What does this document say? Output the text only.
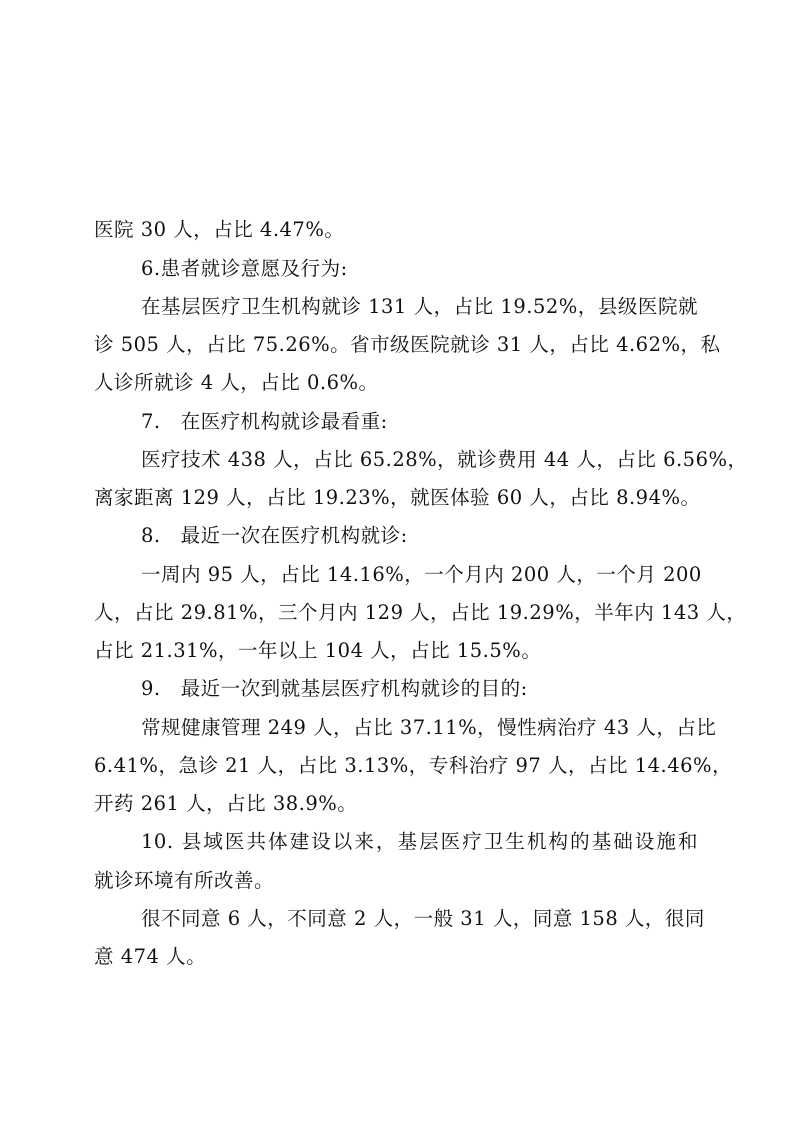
医院 30 人，占比 4.47%。
6.患者就诊意愿及行为:
在基层医疗卫生机构就诊 131 人，占比 19.52%，县级医院就
诊 505 人，占比 75.26%。省市级医院就诊 31 人，占比 4.62%，私
人诊所就诊 4 人，占比 0.6%。
7.　在医疗机构就诊最看重:
医疗技术 438 人，占比 65.28%，就诊费用 44 人，占比 6.56%，
离家距离 129 人，占比 19.23%，就医体验 60 人，占比 8.94%。
8.　最近一次在医疗机构就诊:
一周内 95 人，占比 14.16%，一个月内 200 人，一个月 200
人，占比 29.81%，三个月内 129 人，占比 19.29%，半年内 143 人，
占比 21.31%，一年以上 104 人，占比 15.5%。
9.　最近一次到就基层医疗机构就诊的目的:
常规健康管理 249 人，占比 37.11%，慢性病治疗 43 人，占比
6.41%，急诊 21 人，占比 3.13%，专科治疗 97 人，占比 14.46%，
开药 261 人，占比 38.9%。
10. 县域医共体建设以来，基层医疗卫生机构的基础设施和
就诊环境有所改善。
很不同意 6 人，不同意 2 人，一般 31 人，同意 158 人，很同
意 474 人。
